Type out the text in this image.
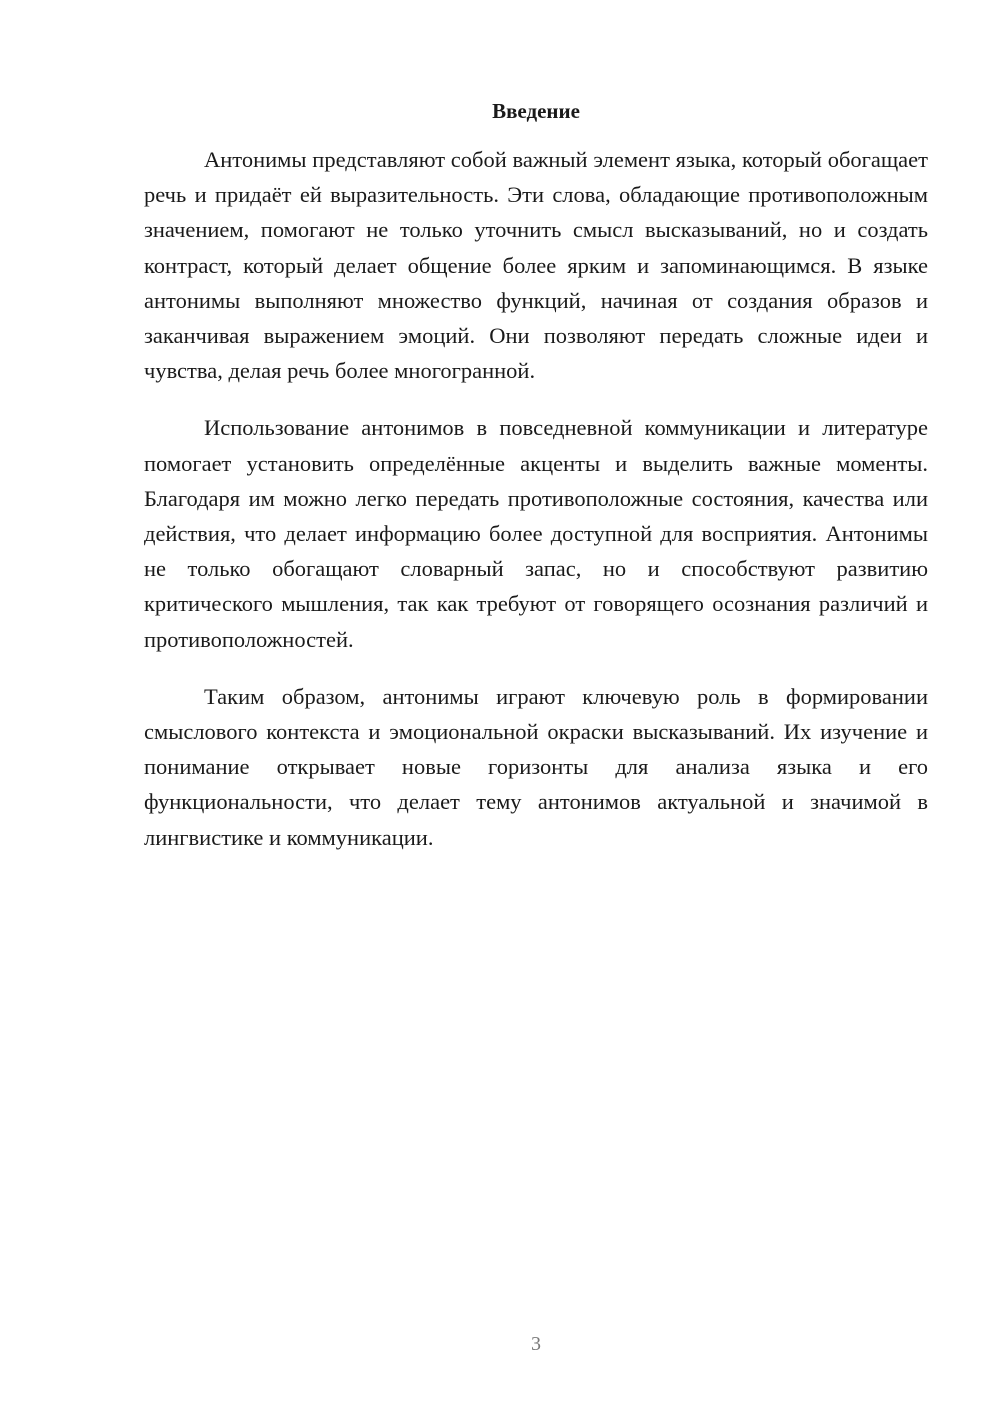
Введение

Антонимы представляют собой важный элемент языка, который обогащает речь и придаёт ей выразительность. Эти слова, обладающие противоположным значением, помогают не только уточнить смысл высказываний, но и создать контраст, который делает общение более ярким и запоминающимся. В языке антонимы выполняют множество функций, начиная от создания образов и заканчивая выражением эмоций. Они позволяют передать сложные идеи и чувства, делая речь более многогранной.

Использование антонимов в повседневной коммуникации и литературе помогает установить определённые акценты и выделить важные моменты. Благодаря им можно легко передать противоположные состояния, качества или действия, что делает информацию более доступной для восприятия. Антонимы не только обогащают словарный запас, но и способствуют развитию критического мышления, так как требуют от говорящего осознания различий и противоположностей.

Таким образом, антонимы играют ключевую роль в формировании смыслового контекста и эмоциональной окраски высказываний. Их изучение и понимание открывает новые горизонты для анализа языка и его функциональности, что делает тему антонимов актуальной и значимой в лингвистике и коммуникации.

3
